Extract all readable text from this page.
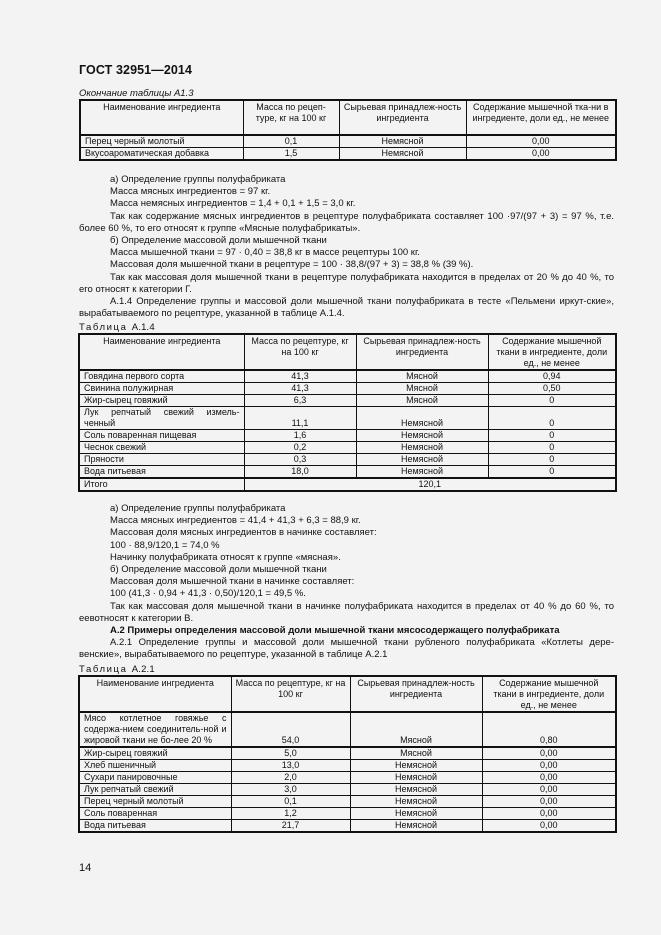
ГОСТ 32951—2014
Окончание таблицы А1.3
Наименование ингредиента	Масса по рецеп-туре, кг на 100 кг	Сырьевая принадлеж-ность ингредиента	Содержание мышечной тка-ни в ингредиенте, доли ед., не менее
Перец черный молотый	0,1	Немясной	0,00
Вкусоароматическая добавка	1,5	Немясной	0,00

а) Определение группы полуфабриката

Масса мясных ингредиентов = 97 кг.

Масса немясных ингредиентов = 1,4 + 0,1 + 1,5 = 3,0 кг.

Так как содержание мясных ингредиентов в рецептуре полуфабриката составляет 100 ·97/(97 + 3) = 97 %, т.е. более 60 %, то его относят к группе «Мясные полуфабрикаты».

б) Определение массовой доли мышечной ткани

Масса мышечной ткани = 97 · 0,40 = 38,8 кг в массе рецептуры 100 кг.

Массовая доля мышечной ткани в рецептуре = 100 · 38,8/(97 + 3) = 38,8 % (39 %).

Так как массовая доля мышечной ткани в рецептуре полуфабриката находится в пределах от 20 % до 40 %, то его относят к категории Г.

А.1.4 Определение группы и массовой доли мышечной ткани полуфабриката в тесте «Пельмени иркут-ские», вырабатываемого по рецептуре, указанной в таблице А.1.4.

Таблица А.1.4
Наименование ингредиента	Масса по рецептуре, кг на 100 кг	Сырьевая принадлеж-ность ингредиента	Содержание мышечной ткани в ингредиенте, доли ед., не менее
Говядина первого сорта	41,3	Мясной	0,94
Свинина полужирная	41,3	Мясной	0,50
Жир-сырец говяжий	6,3	Мясной	0
Лук репчатый свежий измель-ченный	11,1	Немясной	0
Соль поваренная пищевая	1,6	Немясной	0
Чеснок свежий	0,2	Немясной	0
Пряности	0,3	Немясной	0
Вода питьевая	18,0	Немясной	0
Итого	120,1		

а) Определение группы полуфабриката

Масса мясных ингредиентов = 41,4 + 41,3 + 6,3 = 88,9 кг.

Массовая доля мясных ингредиентов в начинке составляет:

100 · 88,9/120,1 = 74,0 %

Начинку полуфабриката относят к группе «мясная».

б) Определение массовой доли мышечной ткани

Массовая доля мышечной ткани в начинке составляет:

100 (41,3 · 0,94 + 41,3 · 0,50)/120,1 = 49,5 %.

Так как массовая доля мышечной ткани в начинке полуфабриката находится в пределах от 40 % до 60 %, то еевотносят к категории В.

А.2 Примеры определения массовой доли мышечной ткани мясосодержащего полуфабриката

А.2.1 Определение группы и массовой доли мышечной ткани рубленого полуфабриката «Котлеты дере-венские», вырабатываемого по рецептуре, указанной в таблице А.2.1

Таблица А.2.1
Наименование ингредиента	Масса по рецептуре, кг на 100 кг	Сырьевая принадлеж-ность ингредиента	Содержание мышечной ткани в ингредиенте, доли ед., не менее
Мясо котлетное говяжье с содержа-нием соединитель-ной и жировой ткани не бо-лее 20 %	54,0	Мясной	0,80
Жир-сырец говяжий	5,0	Мясной	0,00
Хлеб пшеничный	13,0	Немясной	0,00
Сухари панировочные	2,0	Немясной	0,00
Лук репчатый свежий	3,0	Немясной	0,00
Перец черный молотый	0,1	Немясной	0,00
Соль поваренная	1,2	Немясной	0,00
Вода питьевая	21,7	Немясной	0,00
14
